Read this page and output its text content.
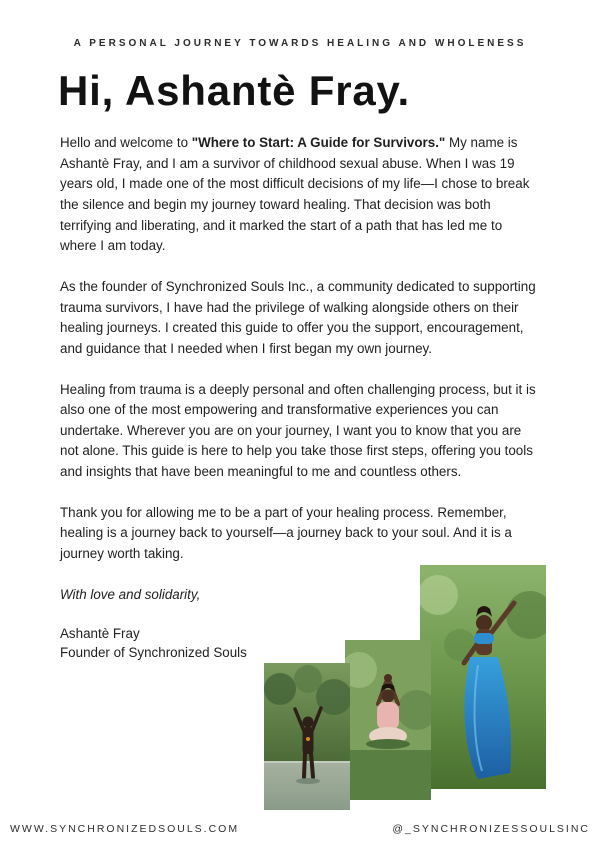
A PERSONAL JOURNEY TOWARDS HEALING AND WHOLENESS
Hi, Ashantè Fray.

Hello and welcome to "Where to Start: A Guide for Survivors." My name is Ashantè Fray, and I am a survivor of childhood sexual abuse. When I was 19 years old, I made one of the most difficult decisions of my life—I chose to break the silence and begin my journey toward healing. That decision was both terrifying and liberating, and it marked the start of a path that has led me to where I am today.

As the founder of Synchronized Souls Inc., a community dedicated to supporting trauma survivors, I have had the privilege of walking alongside others on their healing journeys. I created this guide to offer you the support, encouragement, and guidance that I needed when I first began my own journey.

Healing from trauma is a deeply personal and often challenging process, but it is also one of the most empowering and transformative experiences you can undertake. Wherever you are on your journey, I want you to know that you are not alone. This guide is here to help you take those first steps, offering you tools and insights that have been meaningful to me and countless others.

Thank you for allowing me to be a part of your healing process. Remember, healing is a journey back to yourself—a journey back to your soul. And it is a journey worth taking.

With love and solidarity,

Ashantè Fray
Founder of Synchronized Souls
WWW.SYNCHRONIZEDSOULS.COM	@_SYNCHRONIZESSOULSINC
